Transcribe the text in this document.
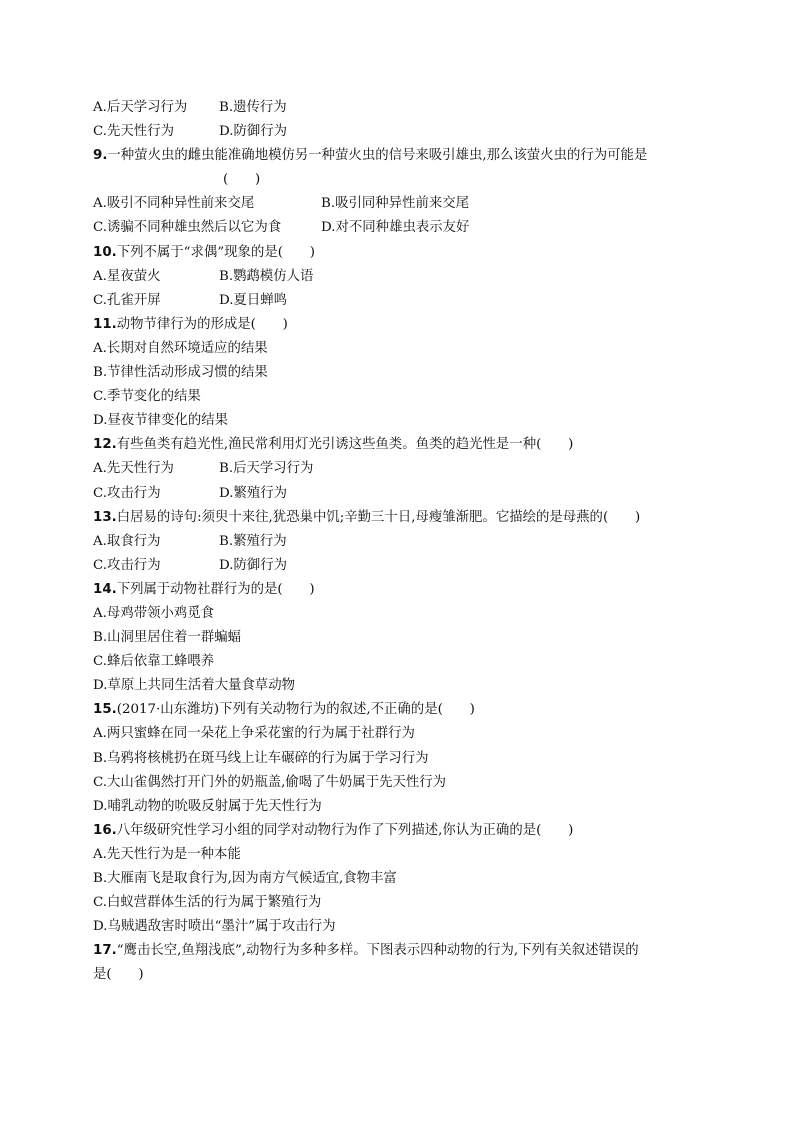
A.后天学习行为	B.遗传行为
C.先天性行为	D.防御行为
9.一种萤火虫的雌虫能准确地模仿另一种萤火虫的信号来吸引雄虫,那么该萤火虫的行为可能是
(　　)
A.吸引不同种异性前来交尾	B.吸引同种异性前来交尾
C.诱骗不同种雄虫然后以它为食	D.对不同种雄虫表示友好
10.下列不属于“求偶”现象的是(　　)
A.星夜萤火	B.鹦鹉模仿人语
C.孔雀开屏	D.夏日蝉鸣
11.动物节律行为的形成是(　　)
A.长期对自然环境适应的结果
B.节律性活动形成习惯的结果
C.季节变化的结果
D.昼夜节律变化的结果
12.有些鱼类有趋光性,渔民常利用灯光引诱这些鱼类。鱼类的趋光性是一种(　　)
A.先天性行为	B.后天学习行为
C.攻击行为	D.繁殖行为
13.白居易的诗句:须臾十来往,犹恐巢中饥;辛勤三十日,母瘦雏渐肥。它描绘的是母燕的(　　)
A.取食行为	B.繁殖行为
C.攻击行为	D.防御行为
14.下列属于动物社群行为的是(　　)
A.母鸡带领小鸡觅食
B.山洞里居住着一群蝙蝠
C.蜂后依靠工蜂喂养
D.草原上共同生活着大量食草动物
15.(2017·山东潍坊)下列有关动物行为的叙述,不正确的是(　　)
A.两只蜜蜂在同一朵花上争采花蜜的行为属于社群行为
B.乌鸦将核桃扔在斑马线上让车碾碎的行为属于学习行为
C.大山雀偶然打开门外的奶瓶盖,偷喝了牛奶属于先天性行为
D.哺乳动物的吮吸反射属于先天性行为
16.八年级研究性学习小组的同学对动物行为作了下列描述,你认为正确的是(　　)
A.先天性行为是一种本能
B.大雁南飞是取食行为,因为南方气候适宜,食物丰富
C.白蚁营群体生活的行为属于繁殖行为
D.乌贼遇敌害时喷出“墨汁”属于攻击行为
17.“鹰击长空,鱼翔浅底”,动物行为多种多样。下图表示四种动物的行为,下列有关叙述错误的
是(　　)
